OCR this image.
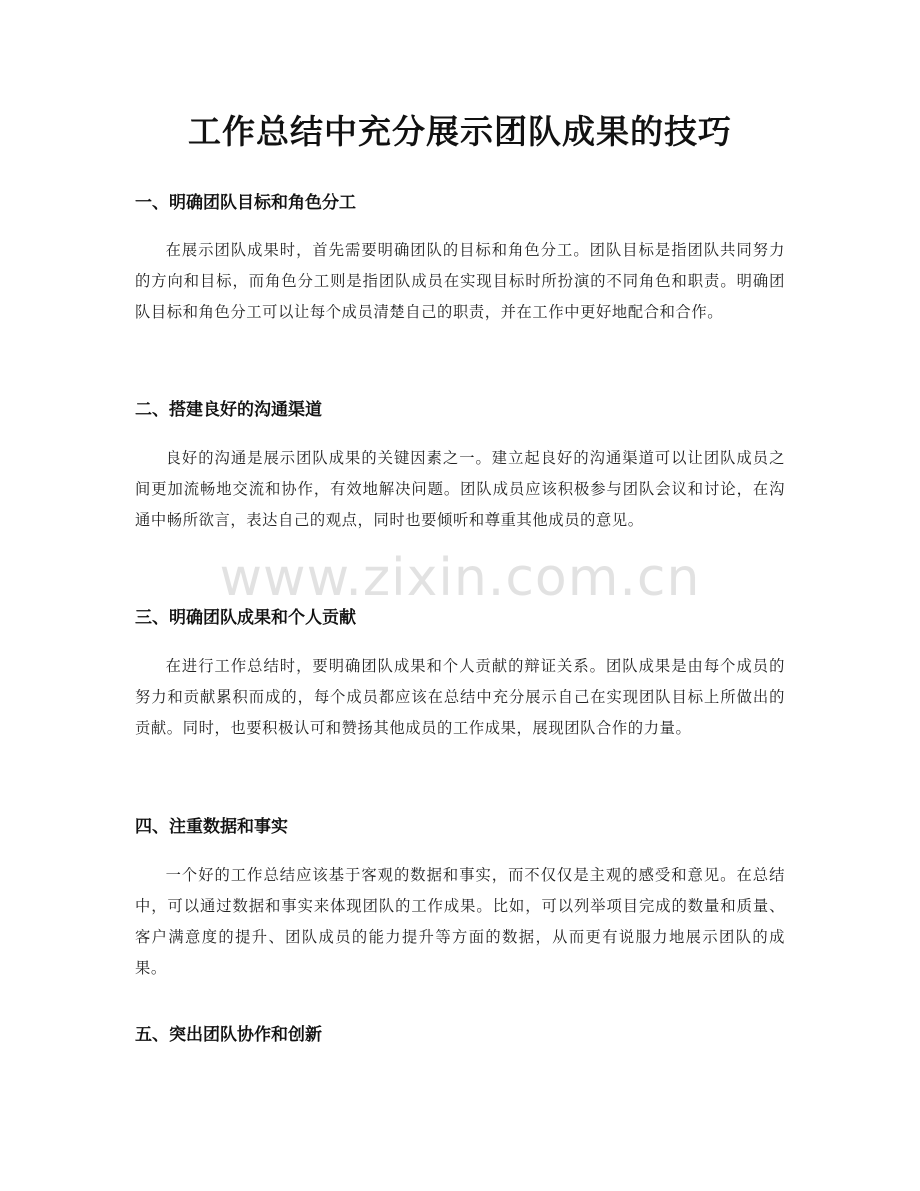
工作总结中充分展示团队成果的技巧
一、明确团队目标和角色分工
在展示团队成果时，首先需要明确团队的目标和角色分工。团队目标是指团队共同努力的方向和目标，而角色分工则是指团队成员在实现目标时所扮演的不同角色和职责。明确团队目标和角色分工可以让每个成员清楚自己的职责，并在工作中更好地配合和合作。
二、搭建良好的沟通渠道
良好的沟通是展示团队成果的关键因素之一。建立起良好的沟通渠道可以让团队成员之间更加流畅地交流和协作，有效地解决问题。团队成员应该积极参与团队会议和讨论，在沟通中畅所欲言，表达自己的观点，同时也要倾听和尊重其他成员的意见。
三、明确团队成果和个人贡献
在进行工作总结时，要明确团队成果和个人贡献的辩证关系。团队成果是由每个成员的努力和贡献累积而成的，每个成员都应该在总结中充分展示自己在实现团队目标上所做出的贡献。同时，也要积极认可和赞扬其他成员的工作成果，展现团队合作的力量。
四、注重数据和事实
一个好的工作总结应该基于客观的数据和事实，而不仅仅是主观的感受和意见。在总结中，可以通过数据和事实来体现团队的工作成果。比如，可以列举项目完成的数量和质量、客户满意度的提升、团队成员的能力提升等方面的数据，从而更有说服力地展示团队的成果。
五、突出团队协作和创新
www.zixin.com.cn
